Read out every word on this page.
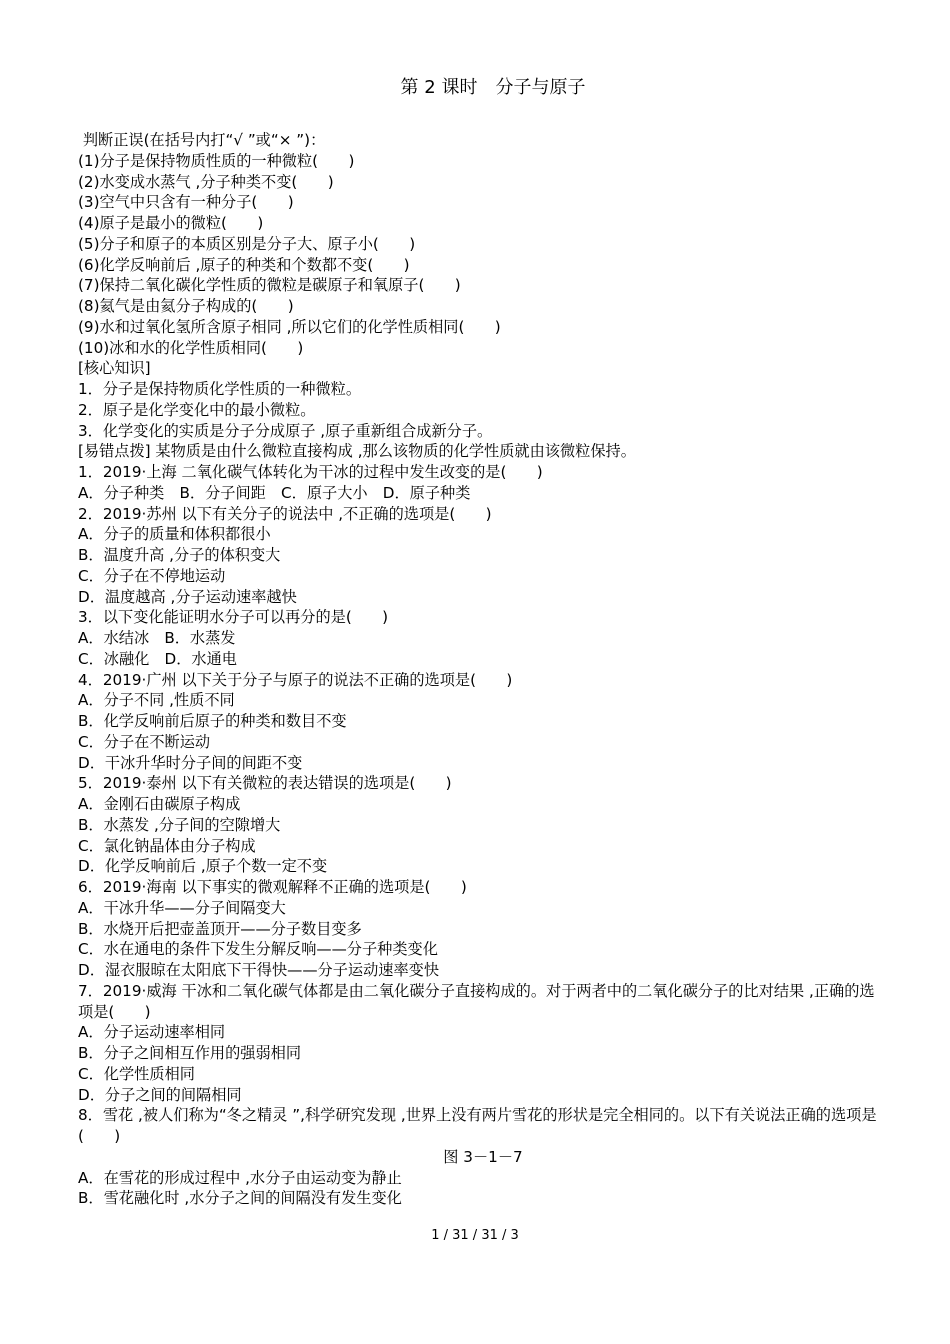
第 2 课时　分子与原子
判断正误(在括号内打“√ ”或“× ”)：
(1)分子是保持物质性质的一种微粒(　　)
(2)水变成水蒸气 ,分子种类不变(　　)
(3)空气中只含有一种分子(　　)
(4)原子是最小的微粒(　　)
(5)分子和原子的本质区别是分子大、原子小(　　)
(6)化学反响前后 ,原子的种类和个数都不变(　　)
(7)保持二氧化碳化学性质的微粒是碳原子和氧原子(　　)
(8)氦气是由氦分子构成的(　　)
(9)水和过氧化氢所含原子相同 ,所以它们的化学性质相同(　　)
(10)冰和水的化学性质相同(　　)
[核心知识]
1．分子是保持物质化学性质的一种微粒。
2．原子是化学变化中的最小微粒。
3．化学变化的实质是分子分成原子 ,原子重新组合成新分子。
[易错点拨] 某物质是由什么微粒直接构成 ,那么该物质的化学性质就由该微粒保持。
1．2019·上海 二氧化碳气体转化为干冰的过程中发生改变的是(　　)
A．分子种类　B．分子间距　C．原子大小　D．原子种类
2．2019·苏州 以下有关分子的说法中 ,不正确的选项是(　　)
A．分子的质量和体积都很小
B．温度升高 ,分子的体积变大
C．分子在不停地运动
D．温度越高 ,分子运动速率越快
3．以下变化能证明水分子可以再分的是(　　)
A．水结冰　B．水蒸发
C．冰融化　D．水通电
4．2019·广州 以下关于分子与原子的说法不正确的选项是(　　)
A．分子不同 ,性质不同
B．化学反响前后原子的种类和数目不变
C．分子在不断运动
D．干冰升华时分子间的间距不变
5．2019·泰州 以下有关微粒的表达错误的选项是(　　)
A．金刚石由碳原子构成
B．水蒸发 ,分子间的空隙增大
C．氯化钠晶体由分子构成
D．化学反响前后 ,原子个数一定不变
6．2019·海南 以下事实的微观解释不正确的选项是(　　)
A．干冰升华——分子间隔变大
B．水烧开后把壶盖顶开——分子数目变多
C．水在通电的条件下发生分解反响——分子种类变化
D．湿衣服晾在太阳底下干得快——分子运动速率变快
7．2019·威海 干冰和二氧化碳气体都是由二氧化碳分子直接构成的。对于两者中的二氧化碳分子的比对结果 ,正确的选项是(　　)
A．分子运动速率相同
B．分子之间相互作用的强弱相同
C．化学性质相同
D．分子之间的间隔相同
8．雪花 ,被人们称为“冬之精灵 ”,科学研究发现 ,世界上没有两片雪花的形状是完全相同的。以下有关说法正确的选项是(　　)
图 3－1－7
A．在雪花的形成过程中 ,水分子由运动变为静止
B．雪花融化时 ,水分子之间的间隔没有发生变化
1 / 31 / 31 / 3
